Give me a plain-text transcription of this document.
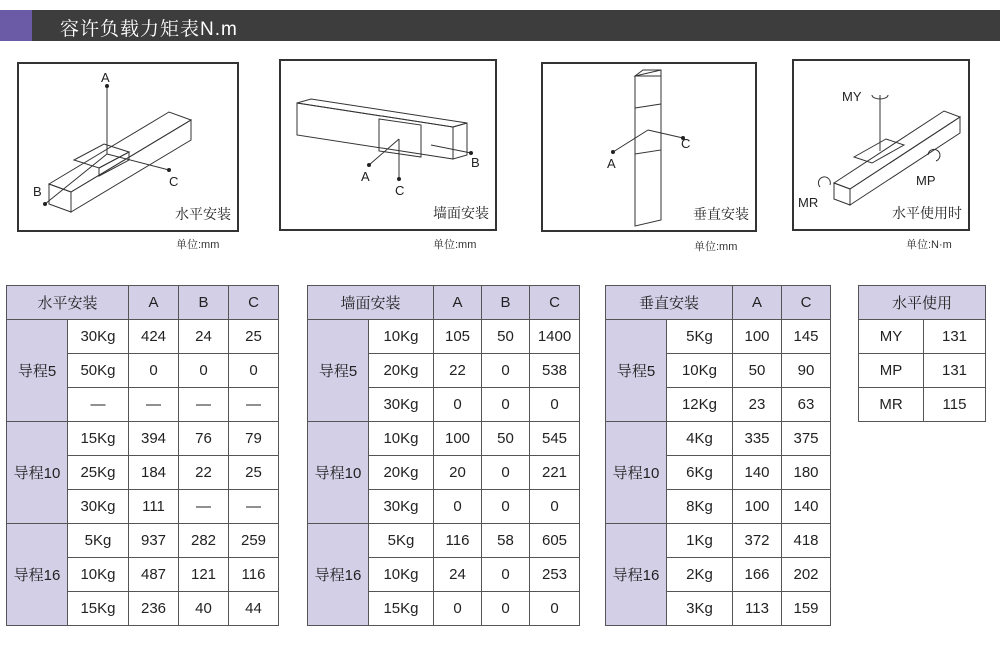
容许负载力矩表N.m
A
B
C
水平安装
单位:mm
A
C
B
墙面安装
单位:mm
A
C
垂直安装
单位:mm
MY
MP
MR
水平使用时
单位:N·m
水平安装		A	B	C
导程5	30Kg	424	24	25
	50Kg	0	0	0
	—	—	—	—
导程10	15Kg	394	76	79
	25Kg	184	22	25
	30Kg	111	—	—
导程16	5Kg	937	282	259
	10Kg	487	121	116
	15Kg	236	40	44
墙面安装		A	B	C
导程5	10Kg	105	50	1400
	20Kg	22	0	538
	30Kg	0	0	0
导程10	10Kg	100	50	545
	20Kg	20	0	221
	30Kg	0	0	0
导程16	5Kg	116	58	605
	10Kg	24	0	253
	15Kg	0	0	0
垂直安装		A	C
导程5	5Kg	100	145
	10Kg	50	90
	12Kg	23	63
导程10	4Kg	335	375
	6Kg	140	180
	8Kg	100	140
导程16	1Kg	372	418
	2Kg	166	202
	3Kg	113	159
水平使用	
MY	131
MP	131
MR	115
